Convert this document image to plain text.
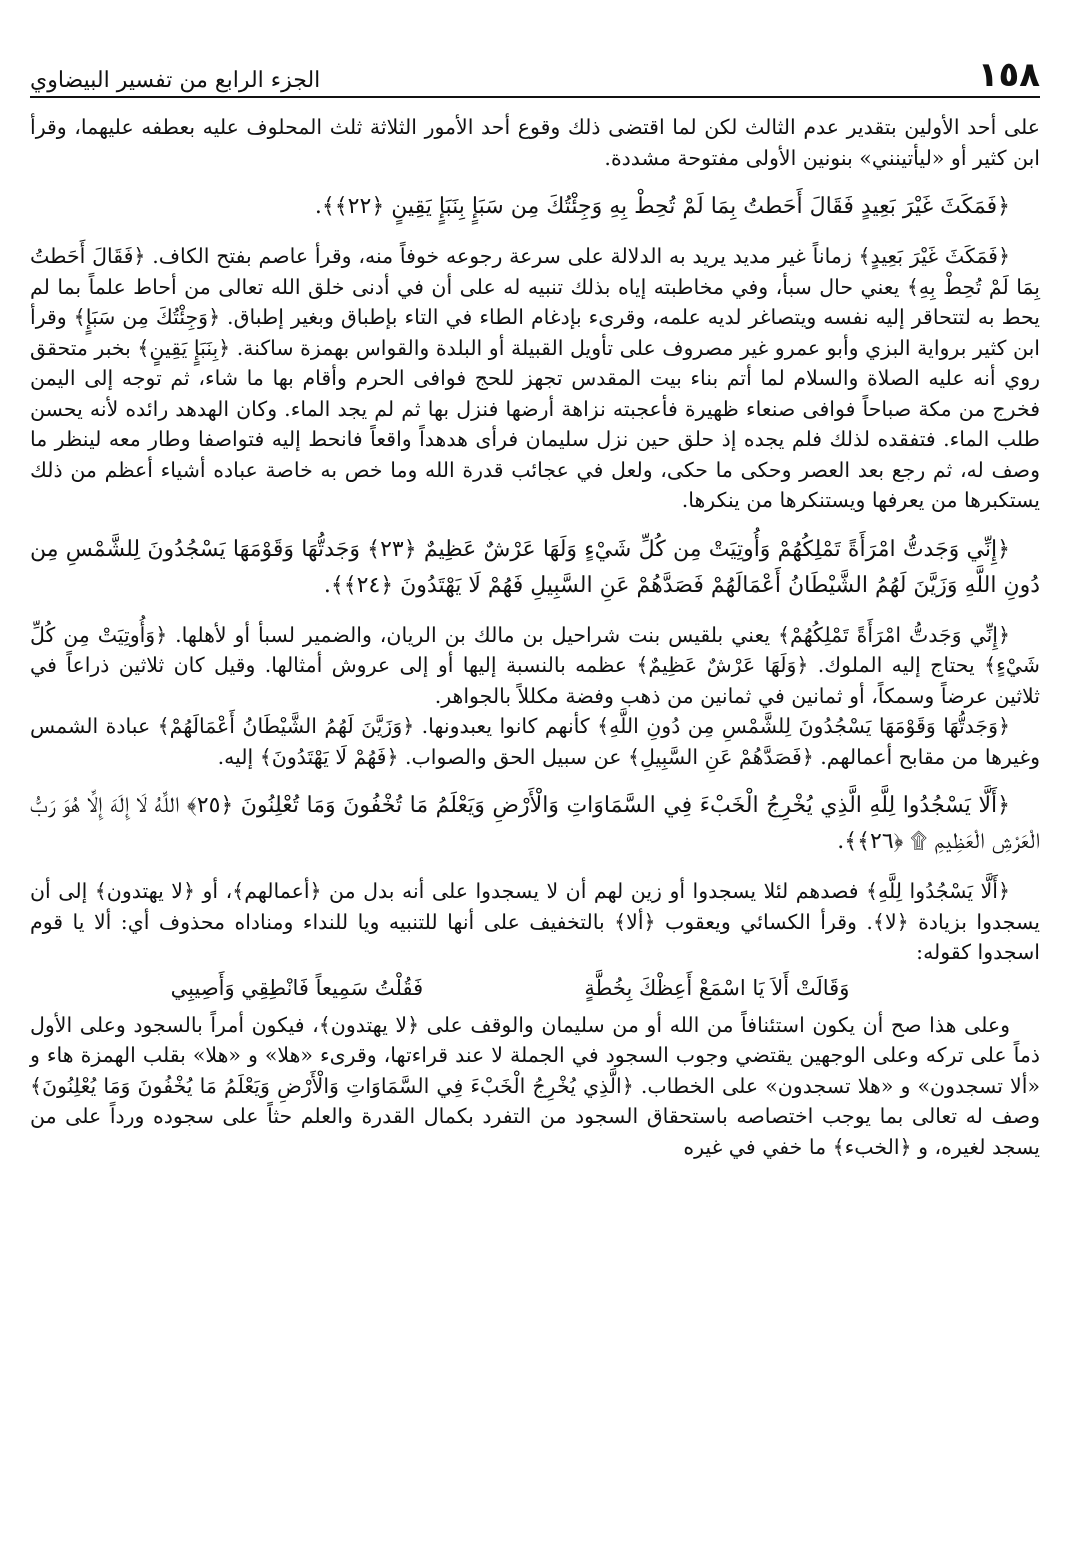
١٥٨
الجزء الرابع من تفسير البيضاوي

على أحد الأولين بتقدير عدم الثالث لكن لما اقتضى ذلك وقوع أحد الأمور الثلاثة ثلث المحلوف عليه بعطفه عليهما، وقرأ ابن كثير أو «ليأتينني» بنونين الأولى مفتوحة مشددة.

﴿فَمَكَثَ غَيْرَ بَعِيدٍ فَقَالَ أَحَطتُ بِمَا لَمْ تُحِطْ بِهِ وَجِئْتُكَ مِن سَبَإٍ بِنَبَإٍ يَقِينٍ ﴿٢٢﴾﴾.

﴿فَمَكَثَ غَيْرَ بَعِيدٍ﴾ زماناً غير مديد يريد به الدلالة على سرعة رجوعه خوفاً منه، وقرأ عاصم بفتح الكاف. ﴿فَقَالَ أَحَطتُ بِمَا لَمْ تُحِطْ بِهِ﴾ يعني حال سبأ، وفي مخاطبته إياه بذلك تنبيه له على أن في أدنى خلق الله تعالى من أحاط علماً بما لم يحط به لتتحاقر إليه نفسه ويتصاغر لديه علمه، وقرىء بإدغام الطاء في التاء بإطباق وبغير إطباق. ﴿وَجِئْتُكَ مِن سَبَإٍ﴾ وقرأ ابن كثير برواية البزي وأبو عمرو غير مصروف على تأويل القبيلة أو البلدة والقواس بهمزة ساكنة. ﴿بِنَبَإٍ يَقِينٍ﴾ بخبر متحقق روي أنه عليه الصلاة والسلام لما أتم بناء بيت المقدس تجهز للحج فوافى الحرم وأقام بها ما شاء، ثم توجه إلى اليمن فخرج من مكة صباحاً فوافى صنعاء ظهيرة فأعجبته نزاهة أرضها فنزل بها ثم لم يجد الماء. وكان الهدهد رائده لأنه يحسن طلب الماء. فتفقده لذلك فلم يجده إذ حلق حين نزل سليمان فرأى هدهداً واقعاً فانحط إليه فتواصفا وطار معه لينظر ما وصف له، ثم رجع بعد العصر وحكى ما حكى، ولعل في عجائب قدرة الله وما خص به خاصة عباده أشياء أعظم من ذلك يستكبرها من يعرفها ويستنكرها من ينكرها.

﴿إِنِّي وَجَدتُّ امْرَأَةً تَمْلِكُهُمْ وَأُوتِيَتْ مِن كُلِّ شَيْءٍ وَلَهَا عَرْشٌ عَظِيمٌ ﴿٢٣﴾ وَجَدتُّهَا وَقَوْمَهَا يَسْجُدُونَ لِلشَّمْسِ مِن دُونِ اللَّهِ وَزَيَّنَ لَهُمُ الشَّيْطَانُ أَعْمَالَهُمْ فَصَدَّهُمْ عَنِ السَّبِيلِ فَهُمْ لَا يَهْتَدُونَ ﴿٢٤﴾﴾.

﴿إِنِّي وَجَدتُّ امْرَأَةً تَمْلِكُهُمْ﴾ يعني بلقيس بنت شراحيل بن مالك بن الريان، والضمير لسبأ أو لأهلها. ﴿وَأُوتِيَتْ مِن كُلِّ شَيْءٍ﴾ يحتاج إليه الملوك. ﴿وَلَهَا عَرْشٌ عَظِيمٌ﴾ عظمه بالنسبة إليها أو إلى عروش أمثالها. وقيل كان ثلاثين ذراعاً في ثلاثين عرضاً وسمكاً، أو ثمانين في ثمانين من ذهب وفضة مكللاً بالجواهر.

﴿وَجَدتُّهَا وَقَوْمَهَا يَسْجُدُونَ لِلشَّمْسِ مِن دُونِ اللَّهِ﴾ كأنهم كانوا يعبدونها. ﴿وَزَيَّنَ لَهُمُ الشَّيْطَانُ أَعْمَالَهُمْ﴾ عبادة الشمس وغيرها من مقابح أعمالهم. ﴿فَصَدَّهُمْ عَنِ السَّبِيلِ﴾ عن سبيل الحق والصواب. ﴿فَهُمْ لَا يَهْتَدُونَ﴾ إليه.

﴿أَلَّا يَسْجُدُوا لِلَّهِ الَّذِي يُخْرِجُ الْخَبْءَ فِي السَّمَاوَاتِ وَالْأَرْضِ وَيَعْلَمُ مَا تُخْفُونَ وَمَا تُعْلِنُونَ ﴿٢٥﴾ اللَّهُ لَا إِلَهَ إِلَّا هُوَ رَبُّ الْعَرْشِ الْعَظِيمِ ۩ ﴿٢٦﴾﴾.

﴿أَلَّا يَسْجُدُوا لِلَّهِ﴾ فصدهم لئلا يسجدوا أو زين لهم أن لا يسجدوا على أنه بدل من ﴿أعمالهم﴾، أو ﴿لا يهتدون﴾ إلى أن يسجدوا بزيادة ﴿لا﴾. وقرأ الكسائي ويعقوب ﴿ألا﴾ بالتخفيف على أنها للتنبيه ويا للنداء ومناداه محذوف أي: ألا يا قوم اسجدوا كقوله:

وَقَالَتْ أَلاَ يَا اسْمَعْ أَعِظْكَ بِخُطَّةٍ
فَقُلْتُ سَمِيعاً فَانْطِقِي وَأَصِيبِي

وعلى هذا صح أن يكون استئنافاً من الله أو من سليمان والوقف على ﴿لا يهتدون﴾، فيكون أمراً بالسجود وعلى الأول ذماً على تركه وعلى الوجهين يقتضي وجوب السجود في الجملة لا عند قراءتها، وقرىء «هلا» و «هلا» بقلب الهمزة هاء و «ألا تسجدون» و «هلا تسجدون» على الخطاب. ﴿الَّذِي يُخْرِجُ الْخَبْءَ فِي السَّمَاوَاتِ وَالْأَرْضِ وَيَعْلَمُ مَا يُخْفُونَ وَمَا يُعْلِنُونَ﴾ وصف له تعالى بما يوجب اختصاصه باستحقاق السجود من التفرد بكمال القدرة والعلم حثاً على سجوده ورداً على من يسجد لغيره، و ﴿الخبء﴾ ما خفي في غيره
